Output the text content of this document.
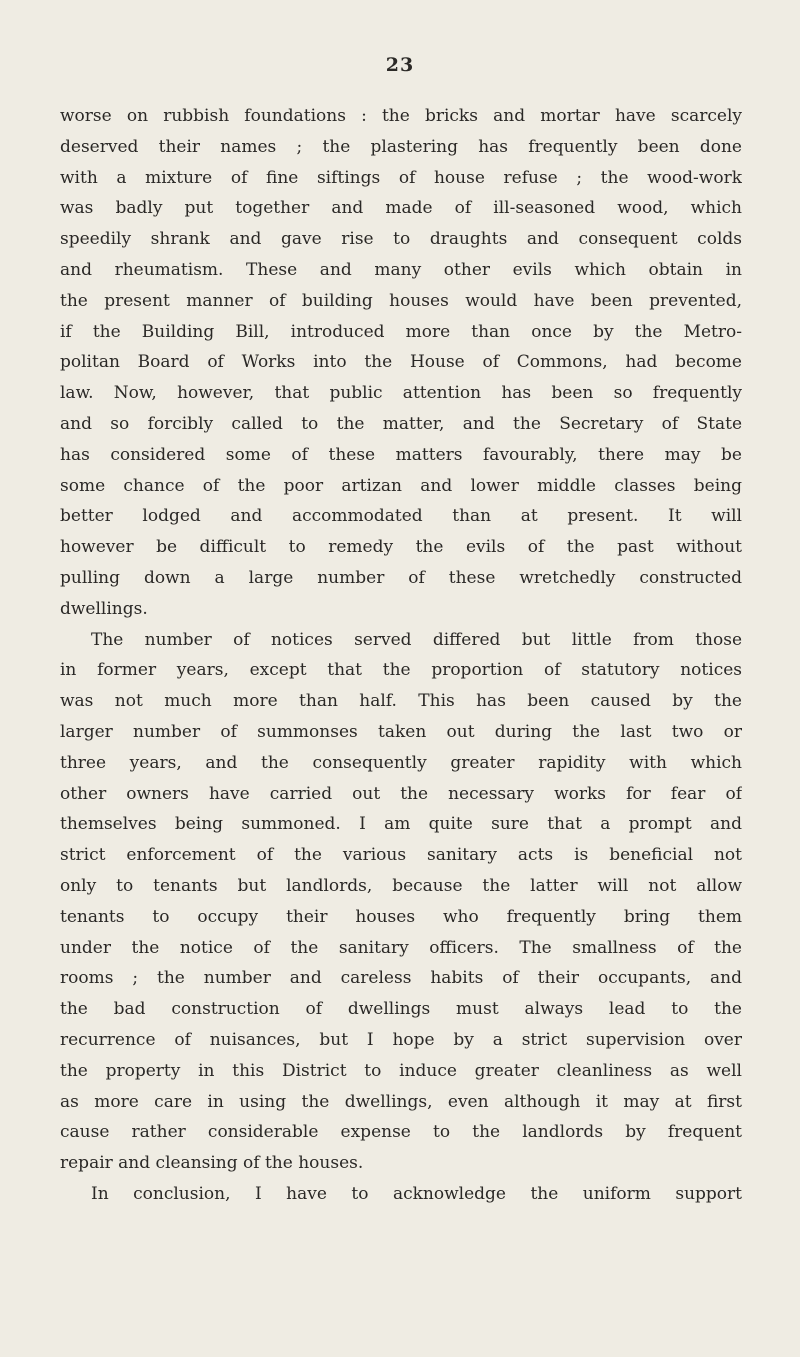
23
worse on rubbish foundations : the bricks and mortar have scarcely
deserved their names ; the plastering has frequently been done
with a mixture of fine siftings of house refuse ; the wood-work
was badly put together and made of ill-seasoned wood, which
speedily shrank and gave rise to draughts and consequent colds
and rheumatism. These and many other evils which obtain in
the present manner of building houses would have been prevented,
if the Building Bill, introduced more than once by the Metro-
politan Board of Works into the House of Commons, had become
law. Now, however, that public attention has been so frequently
and so forcibly called to the matter, and the Secretary of State
has considered some of these matters favourably, there may be
some chance of the poor artizan and lower middle classes being
better lodged and accommodated than at present. It will
however be difficult to remedy the evils of the past without
pulling down a large number of these wretchedly constructed
dwellings.
The number of notices served differed but little from those
in former years, except that the proportion of statutory notices
was not much more than half. This has been caused by the
larger number of summonses taken out during the last two or
three years, and the consequently greater rapidity with which
other owners have carried out the necessary works for fear of
themselves being summoned. I am quite sure that a prompt and
strict enforcement of the various sanitary acts is beneficial not
only to tenants but landlords, because the latter will not allow
tenants to occupy their houses who frequently bring them
under the notice of the sanitary officers. The smallness of the
rooms ; the number and careless habits of their occupants, and
the bad construction of dwellings must always lead to the
recurrence of nuisances, but I hope by a strict supervision over
the property in this District to induce greater cleanliness as well
as more care in using the dwellings, even although it may at first
cause rather considerable expense to the landlords by frequent
repair and cleansing of the houses.
In conclusion, I have to acknowledge the uniform support
